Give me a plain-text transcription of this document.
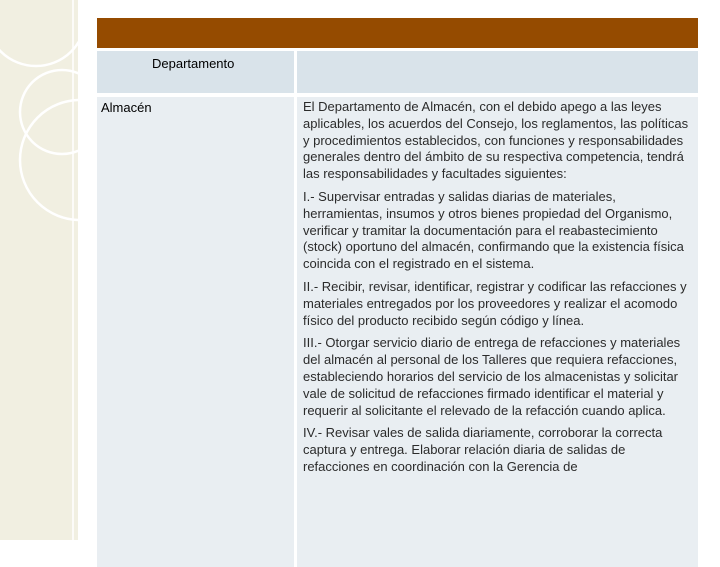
Departamento
Almacén	El Departamento de Almacén, con el debido apego a las leyes aplicables, los acuerdos del Consejo, los reglamentos, las políticas y procedimientos establecidos, con funciones y responsabilidades generales dentro del ámbito de su respectiva competencia, tendrá las responsabilidades y facultades siguientes:

I.- Supervisar entradas y salidas diarias de materiales, herramientas, insumos y otros bienes propiedad del Organismo, verificar y tramitar la documentación para el reabastecimiento (stock) oportuno del almacén, confirmando que la existencia física coincida con el registrado en el sistema.

II.- Recibir, revisar, identificar, registrar y codificar las refacciones y materiales entregados por los proveedores y realizar el acomodo físico del producto recibido según código y línea.

III.- Otorgar servicio diario de entrega de refacciones y materiales del almacén al personal de los Talleres que requiera refacciones, estableciendo horarios del servicio de los almacenistas y solicitar vale de solicitud de refacciones firmado identificar el material y requerir al solicitante el relevado de la refacción cuando aplica.

IV.- Revisar vales de salida diariamente, corroborar la correcta captura y entrega. Elaborar relación diaria de salidas de refacciones en coordinación con la Gerencia de
